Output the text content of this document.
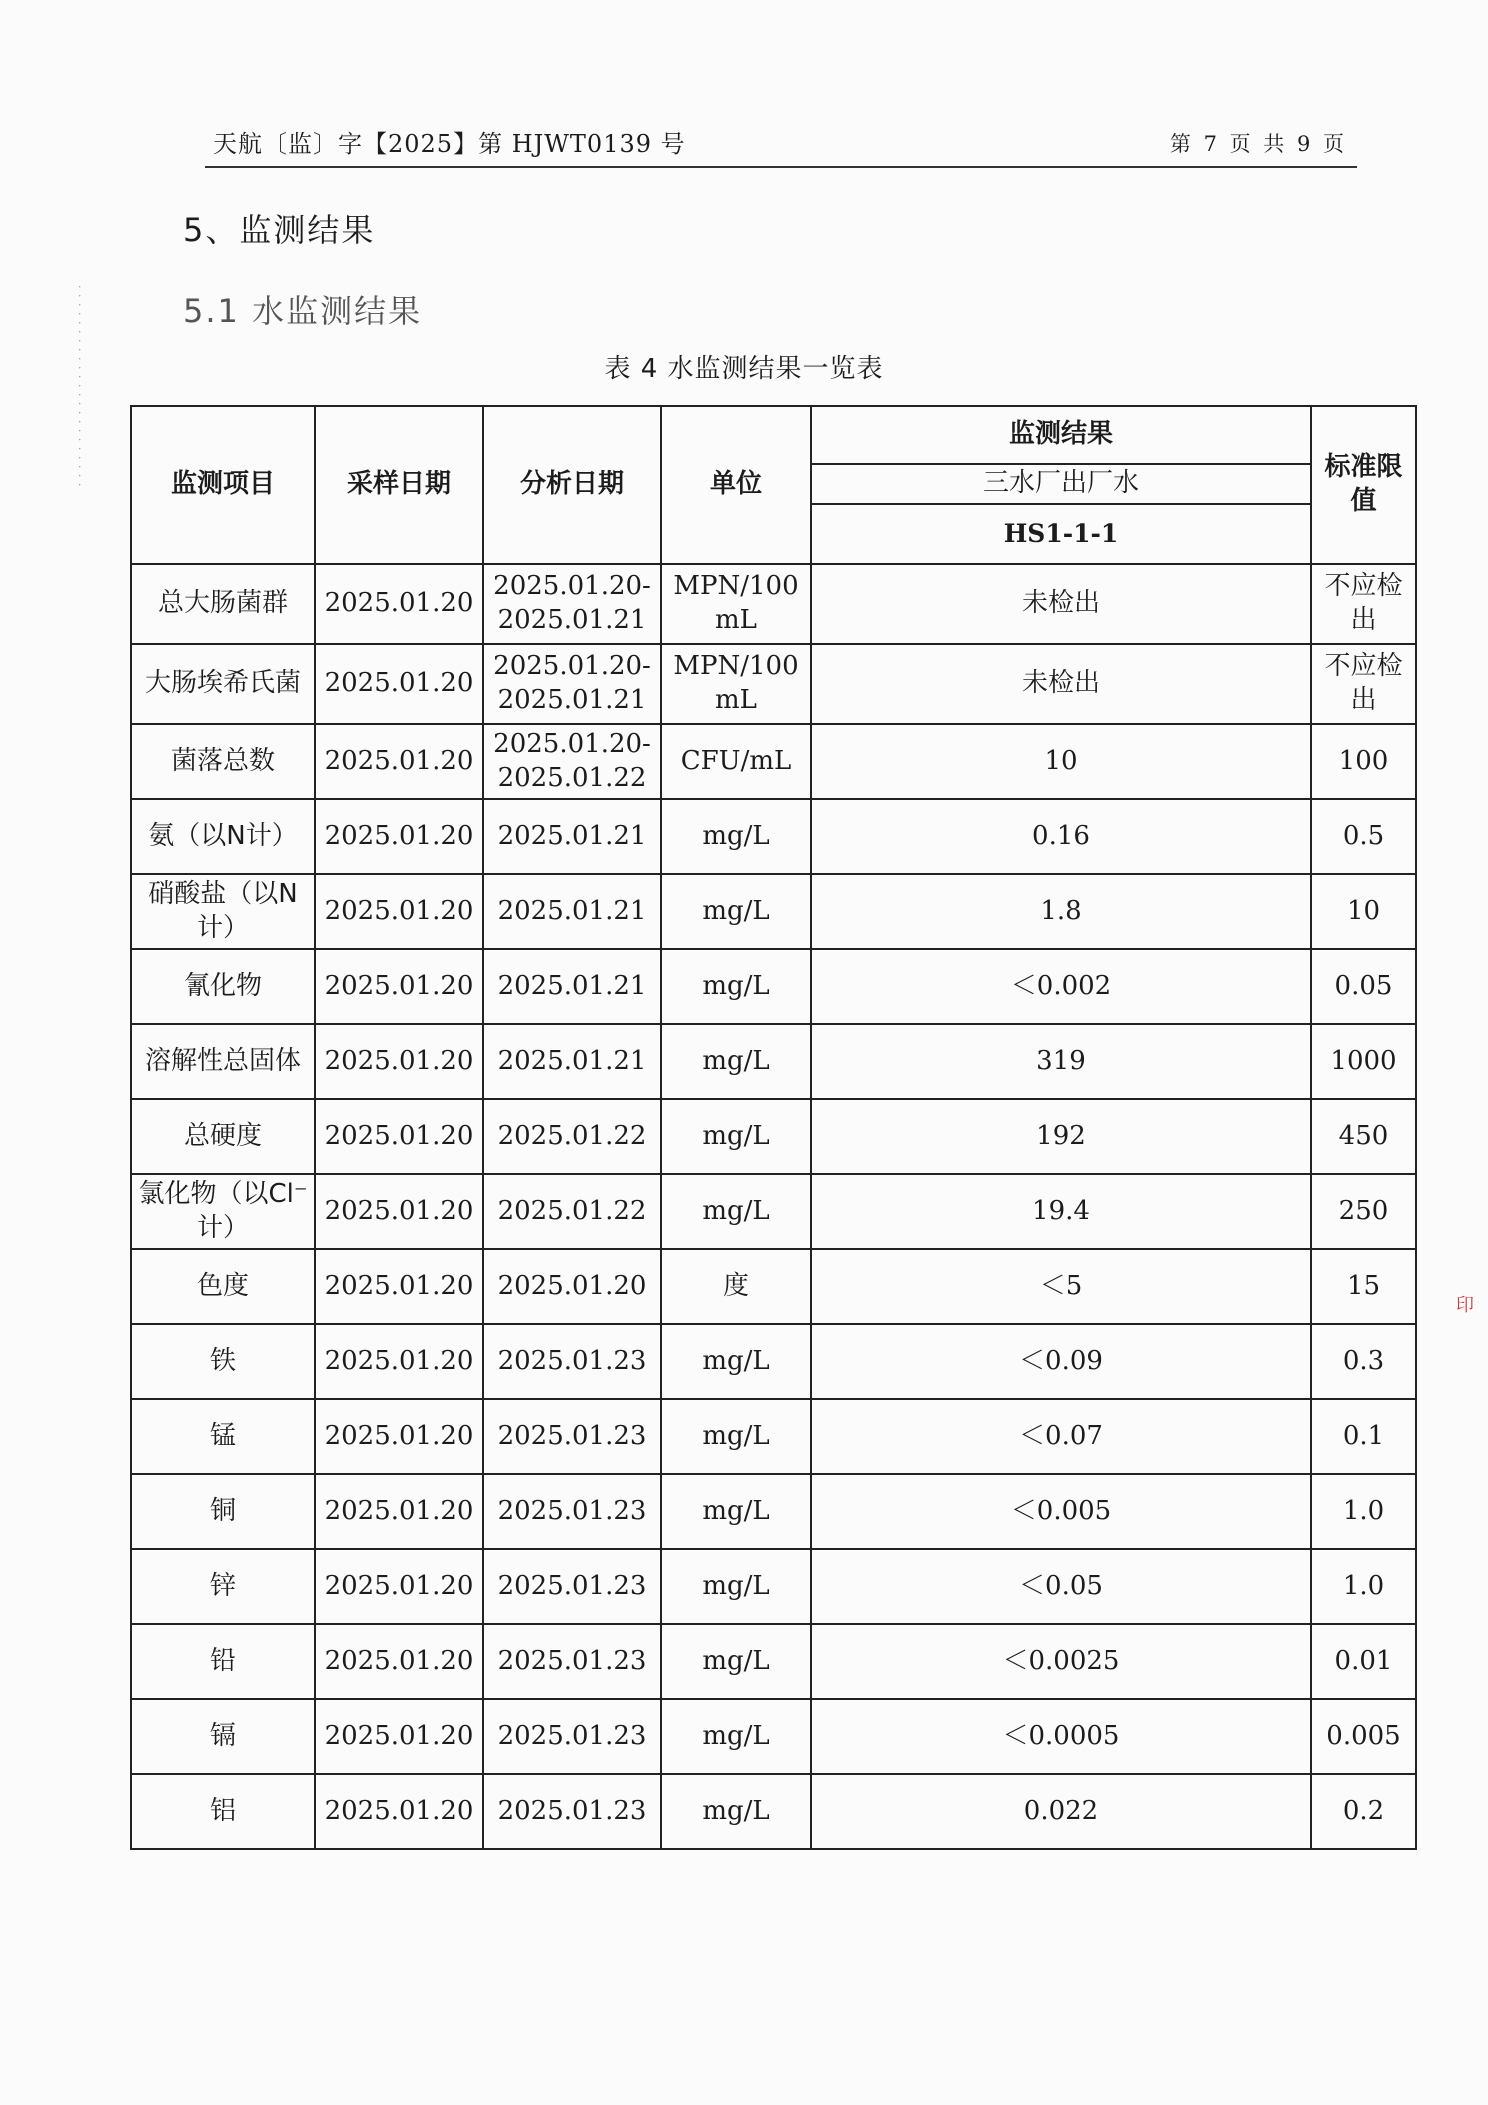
天航〔监〕字【2025】第 HJWT0139 号	第 7 页 共 9 页
5、监测结果
5.1 水监测结果
表 4 水监测结果一览表
监测项目	采样日期	分析日期	单位	监测结果	标准限值
				三水厂出厂水	
				HS1-1-1	
总大肠菌群	2025.01.20	2025.01.20-2025.01.21	MPN/100 mL	未检出	不应检出
大肠埃希氏菌	2025.01.20	2025.01.20-2025.01.21	MPN/100 mL	未检出	不应检出
菌落总数	2025.01.20	2025.01.20-2025.01.22	CFU/mL	10	100
氨（以N计）	2025.01.20	2025.01.21	mg/L	0.16	0.5
硝酸盐（以N计）	2025.01.20	2025.01.21	mg/L	1.8	10
氰化物	2025.01.20	2025.01.21	mg/L	＜0.002	0.05
溶解性总固体	2025.01.20	2025.01.21	mg/L	319	1000
总硬度	2025.01.20	2025.01.22	mg/L	192	450
氯化物（以Cl⁻计）	2025.01.20	2025.01.22	mg/L	19.4	250
色度	2025.01.20	2025.01.20	度	＜5	15
铁	2025.01.20	2025.01.23	mg/L	＜0.09	0.3
锰	2025.01.20	2025.01.23	mg/L	＜0.07	0.1
铜	2025.01.20	2025.01.23	mg/L	＜0.005	1.0
锌	2025.01.20	2025.01.23	mg/L	＜0.05	1.0
铅	2025.01.20	2025.01.23	mg/L	＜0.0025	0.01
镉	2025.01.20	2025.01.23	mg/L	＜0.0005	0.005
铝	2025.01.20	2025.01.23	mg/L	0.022	0.2
· · · · · · · · · · · · · · · · · · · · · · ·
印
